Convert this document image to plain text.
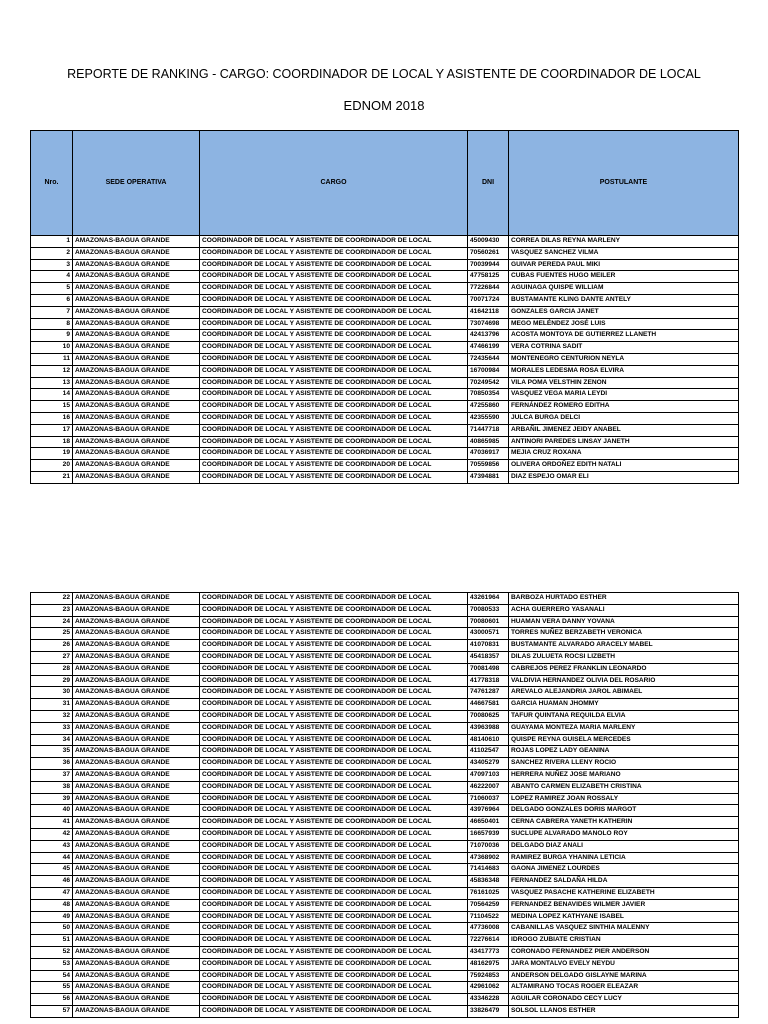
REPORTE DE RANKING - CARGO: COORDINADOR DE LOCAL Y ASISTENTE DE COORDINADOR DE LOCAL
EDNOM 2018
Nro.	SEDE OPERATIVA	CARGO	DNI	POSTULANTE
1	AMAZONAS-BAGUA GRANDE	COORDINADOR DE LOCAL Y ASISTENTE DE COORDINADOR DE LOCAL	45009430	CORREA DILAS REYNA MARLENY
2	AMAZONAS-BAGUA GRANDE	COORDINADOR DE LOCAL Y ASISTENTE DE COORDINADOR DE LOCAL	70560261	VASQUEZ SANCHEZ VILMA
3	AMAZONAS-BAGUA GRANDE	COORDINADOR DE LOCAL Y ASISTENTE DE COORDINADOR DE LOCAL	70039944	GUIVAR PEREDA PAUL MIKI
4	AMAZONAS-BAGUA GRANDE	COORDINADOR DE LOCAL Y ASISTENTE DE COORDINADOR DE LOCAL	47758125	CUBAS FUENTES HUGO MEILER
5	AMAZONAS-BAGUA GRANDE	COORDINADOR DE LOCAL Y ASISTENTE DE COORDINADOR DE LOCAL	77226844	AGUINAGA QUISPE WILLIAM
6	AMAZONAS-BAGUA GRANDE	COORDINADOR DE LOCAL Y ASISTENTE DE COORDINADOR DE LOCAL	70071724	BUSTAMANTE KLING DANTE ANTELY
7	AMAZONAS-BAGUA GRANDE	COORDINADOR DE LOCAL Y ASISTENTE DE COORDINADOR DE LOCAL	41642118	GONZALES GARCIA JANET
8	AMAZONAS-BAGUA GRANDE	COORDINADOR DE LOCAL Y ASISTENTE DE COORDINADOR DE LOCAL	73074698	MEGO MELÉNDEZ JOSÉ LUIS
9	AMAZONAS-BAGUA GRANDE	COORDINADOR DE LOCAL Y ASISTENTE DE COORDINADOR DE LOCAL	42413796	ACOSTA MONTOYA DE GUTIERREZ LLANETH
10	AMAZONAS-BAGUA GRANDE	COORDINADOR DE LOCAL Y ASISTENTE DE COORDINADOR DE LOCAL	47466199	VERA COTRINA SADIT
11	AMAZONAS-BAGUA GRANDE	COORDINADOR DE LOCAL Y ASISTENTE DE COORDINADOR DE LOCAL	72435644	MONTENEGRO CENTURION NEYLA
12	AMAZONAS-BAGUA GRANDE	COORDINADOR DE LOCAL Y ASISTENTE DE COORDINADOR DE LOCAL	16700984	MORALES LEDESMA ROSA ELVIRA
13	AMAZONAS-BAGUA GRANDE	COORDINADOR DE LOCAL Y ASISTENTE DE COORDINADOR DE LOCAL	70249542	VILA POMA VELSTHIN ZENON
14	AMAZONAS-BAGUA GRANDE	COORDINADOR DE LOCAL Y ASISTENTE DE COORDINADOR DE LOCAL	70850354	VASQUEZ VEGA MARIA LEYDI
15	AMAZONAS-BAGUA GRANDE	COORDINADOR DE LOCAL Y ASISTENTE DE COORDINADOR DE LOCAL	47255860	FERNÁNDEZ ROMERO EDITHA
16	AMAZONAS-BAGUA GRANDE	COORDINADOR DE LOCAL Y ASISTENTE DE COORDINADOR DE LOCAL	42355590	JULCA BURGA DELCI
17	AMAZONAS-BAGUA GRANDE	COORDINADOR DE LOCAL Y ASISTENTE DE COORDINADOR DE LOCAL	71447718	ARBAÑIL JIMENEZ JEIDY ANABEL
18	AMAZONAS-BAGUA GRANDE	COORDINADOR DE LOCAL Y ASISTENTE DE COORDINADOR DE LOCAL	40865985	ANTINORI PAREDES LINSAY JANETH
19	AMAZONAS-BAGUA GRANDE	COORDINADOR DE LOCAL Y ASISTENTE DE COORDINADOR DE LOCAL	47036917	MEJIA CRUZ ROXANA
20	AMAZONAS-BAGUA GRANDE	COORDINADOR DE LOCAL Y ASISTENTE DE COORDINADOR DE LOCAL	70559856	OLIVERA ORDOÑEZ EDITH NATALI
21	AMAZONAS-BAGUA GRANDE	COORDINADOR DE LOCAL Y ASISTENTE DE COORDINADOR DE LOCAL	47394881	DIAZ ESPEJO OMAR ELI
22	AMAZONAS-BAGUA GRANDE	COORDINADOR DE LOCAL Y ASISTENTE DE COORDINADOR DE LOCAL	43261964	BARBOZA HURTADO ESTHER
23	AMAZONAS-BAGUA GRANDE	COORDINADOR DE LOCAL Y ASISTENTE DE COORDINADOR DE LOCAL	70080533	ACHA GUERRERO YASANALI
24	AMAZONAS-BAGUA GRANDE	COORDINADOR DE LOCAL Y ASISTENTE DE COORDINADOR DE LOCAL	70080601	HUAMAN VERA DANNY YOVANA
25	AMAZONAS-BAGUA GRANDE	COORDINADOR DE LOCAL Y ASISTENTE DE COORDINADOR DE LOCAL	43000571	TORRES NUÑEZ BERZABETH VERONICA
26	AMAZONAS-BAGUA GRANDE	COORDINADOR DE LOCAL Y ASISTENTE DE COORDINADOR DE LOCAL	41070831	BUSTAMANTE ALVARADO ARACELY MABEL
27	AMAZONAS-BAGUA GRANDE	COORDINADOR DE LOCAL Y ASISTENTE DE COORDINADOR DE LOCAL	45418357	DILAS ZULUETA ROCSI LIZBETH
28	AMAZONAS-BAGUA GRANDE	COORDINADOR DE LOCAL Y ASISTENTE DE COORDINADOR DE LOCAL	70081498	CABREJOS PEREZ FRANKLIN LEONARDO
29	AMAZONAS-BAGUA GRANDE	COORDINADOR DE LOCAL Y ASISTENTE DE COORDINADOR DE LOCAL	41778318	VALDIVIA HERNANDEZ OLIVIA DEL ROSARIO
30	AMAZONAS-BAGUA GRANDE	COORDINADOR DE LOCAL Y ASISTENTE DE COORDINADOR DE LOCAL	74761287	AREVALO ALEJANDRIA JAROL ABIMAEL
31	AMAZONAS-BAGUA GRANDE	COORDINADOR DE LOCAL Y ASISTENTE DE COORDINADOR DE LOCAL	44667581	GARCIA HUAMAN JHOMMY
32	AMAZONAS-BAGUA GRANDE	COORDINADOR DE LOCAL Y ASISTENTE DE COORDINADOR DE LOCAL	70080625	TAFUR QUINTANA REQUILDA ELVIA
33	AMAZONAS-BAGUA GRANDE	COORDINADOR DE LOCAL Y ASISTENTE DE COORDINADOR DE LOCAL	43963988	GUAYAMA MONTEZA MARIA MARLENY
34	AMAZONAS-BAGUA GRANDE	COORDINADOR DE LOCAL Y ASISTENTE DE COORDINADOR DE LOCAL	48140610	QUISPE REYNA GUISELA MERCEDES
35	AMAZONAS-BAGUA GRANDE	COORDINADOR DE LOCAL Y ASISTENTE DE COORDINADOR DE LOCAL	41102547	ROJAS LOPEZ LADY GEANINA
36	AMAZONAS-BAGUA GRANDE	COORDINADOR DE LOCAL Y ASISTENTE DE COORDINADOR DE LOCAL	43405279	SANCHEZ RIVERA LLENY ROCIO
37	AMAZONAS-BAGUA GRANDE	COORDINADOR DE LOCAL Y ASISTENTE DE COORDINADOR DE LOCAL	47097103	HERRERA NUÑEZ JOSE MARIANO
38	AMAZONAS-BAGUA GRANDE	COORDINADOR DE LOCAL Y ASISTENTE DE COORDINADOR DE LOCAL	46222007	ABANTO CARMEN ELIZABETH CRISTINA
39	AMAZONAS-BAGUA GRANDE	COORDINADOR DE LOCAL Y ASISTENTE DE COORDINADOR DE LOCAL	71060037	LOPEZ RAMIREZ JOAN ROSSALY
40	AMAZONAS-BAGUA GRANDE	COORDINADOR DE LOCAL Y ASISTENTE DE COORDINADOR DE LOCAL	43976964	DELGADO GONZALES DORIS MARGOT
41	AMAZONAS-BAGUA GRANDE	COORDINADOR DE LOCAL Y ASISTENTE DE COORDINADOR DE LOCAL	46650401	CERNA CABRERA YANETH KATHERIN
42	AMAZONAS-BAGUA GRANDE	COORDINADOR DE LOCAL Y ASISTENTE DE COORDINADOR DE LOCAL	16657939	SUCLUPE ALVARADO MANOLO ROY
43	AMAZONAS-BAGUA GRANDE	COORDINADOR DE LOCAL Y ASISTENTE DE COORDINADOR DE LOCAL	71070036	DELGADO DIAZ ANALI
44	AMAZONAS-BAGUA GRANDE	COORDINADOR DE LOCAL Y ASISTENTE DE COORDINADOR DE LOCAL	47368902	RAMIREZ BURGA YHANINA LETICIA
45	AMAZONAS-BAGUA GRANDE	COORDINADOR DE LOCAL Y ASISTENTE DE COORDINADOR DE LOCAL	71414683	GAONA JIMENEZ LOURDES
46	AMAZONAS-BAGUA GRANDE	COORDINADOR DE LOCAL Y ASISTENTE DE COORDINADOR DE LOCAL	45836348	FERNANDEZ SALDAÑA HILDA
47	AMAZONAS-BAGUA GRANDE	COORDINADOR DE LOCAL Y ASISTENTE DE COORDINADOR DE LOCAL	76161025	VASQUEZ PASACHE KATHERINE ELIZABETH
48	AMAZONAS-BAGUA GRANDE	COORDINADOR DE LOCAL Y ASISTENTE DE COORDINADOR DE LOCAL	70564259	FERNANDEZ BENAVIDES WILMER JAVIER
49	AMAZONAS-BAGUA GRANDE	COORDINADOR DE LOCAL Y ASISTENTE DE COORDINADOR DE LOCAL	71104522	MEDINA LOPEZ KATHYANE ISABEL
50	AMAZONAS-BAGUA GRANDE	COORDINADOR DE LOCAL Y ASISTENTE DE COORDINADOR DE LOCAL	47736008	CABANILLAS VASQUEZ SINTHIA MALENNY
51	AMAZONAS-BAGUA GRANDE	COORDINADOR DE LOCAL Y ASISTENTE DE COORDINADOR DE LOCAL	72276614	IDROGO ZUBIATE CRISTIAN
52	AMAZONAS-BAGUA GRANDE	COORDINADOR DE LOCAL Y ASISTENTE DE COORDINADOR DE LOCAL	43417773	CORONADO FERNANDEZ PIER ANDERSON
53	AMAZONAS-BAGUA GRANDE	COORDINADOR DE LOCAL Y ASISTENTE DE COORDINADOR DE LOCAL	48162975	JARA MONTALVO EVELY NEYDU
54	AMAZONAS-BAGUA GRANDE	COORDINADOR DE LOCAL Y ASISTENTE DE COORDINADOR DE LOCAL	75924853	ANDERSON DELGADO GISLAYNE MARINA
55	AMAZONAS-BAGUA GRANDE	COORDINADOR DE LOCAL Y ASISTENTE DE COORDINADOR DE LOCAL	42961062	ALTAMIRANO TOCAS ROGER ELEAZAR
56	AMAZONAS-BAGUA GRANDE	COORDINADOR DE LOCAL Y ASISTENTE DE COORDINADOR DE LOCAL	43346228	AGUILAR CORONADO CECY LUCY
57	AMAZONAS-BAGUA GRANDE	COORDINADOR DE LOCAL Y ASISTENTE DE COORDINADOR DE LOCAL	33826479	SOLSOL LLANOS ESTHER
